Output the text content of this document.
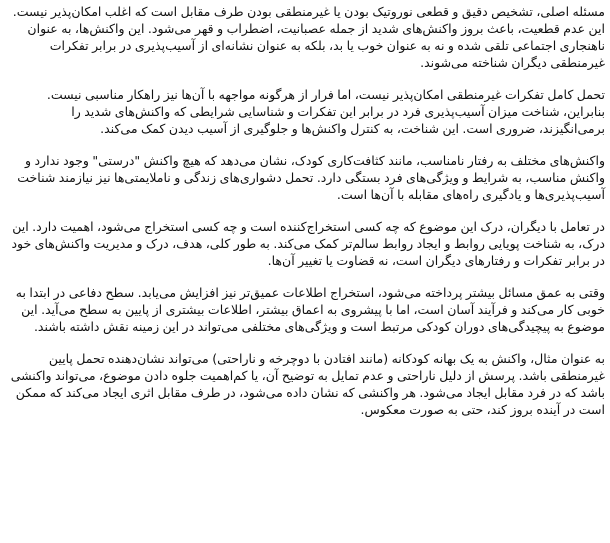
مسئله اصلی، تشخیص دقیق و قطعی نوروتیک بودن یا غیرمنطقی بودن طرف مقابل است که اغلب امکان‌پذیر نیست. این عدم قطعیت، باعث بروز واکنش‌های شدید از جمله عصبانیت، اضطراب و قهر می‌شود. این واکنش‌ها، به عنوان ناهنجاری اجتماعی تلقی شده و نه به عنوان خوب یا بد، بلکه به عنوان نشانه‌ای از آسیب‌پذیری در برابر تفکرات غیرمنطقی دیگران شناخته می‌شوند.

تحمل کامل تفکرات غیرمنطقی امکان‌پذیر نیست، اما فرار از هرگونه مواجهه با آن‌ها نیز راهکار مناسبی نیست. بنابراین، شناخت میزان آسیب‌پذیری فرد در برابر این تفکرات و شناسایی شرایطی که واکنش‌های شدید را برمی‌انگیزند، ضروری است. این شناخت، به کنترل واکنش‌ها و جلوگیری از آسیب دیدن کمک می‌کند.

واکنش‌های مختلف به رفتار نامناسب، مانند کثافت‌کاری کودک، نشان می‌دهد که هیچ واکنش "درستی" وجود ندارد و واکنش مناسب، به شرایط و ویژگی‌های فرد بستگی دارد. تحمل دشواری‌های زندگی و ناملایمتی‌ها نیز نیازمند شناخت آسیب‌پذیری‌ها و یادگیری راه‌های مقابله با آن‌ها است.

در تعامل با دیگران، درک این موضوع که چه کسی استخراج‌کننده است و چه کسی استخراج می‌شود، اهمیت دارد. این درک، به شناخت پویایی روابط و ایجاد روابط سالم‌تر کمک می‌کند. به طور کلی، هدف، درک و مدیریت واکنش‌های خود در برابر تفکرات و رفتارهای دیگران است، نه قضاوت یا تغییر آن‌ها.

وقتی به عمق مسائل بیشتر پرداخته می‌شود، استخراج اطلاعات عمیق‌تر نیز افزایش می‌یابد. سطح دفاعی در ابتدا به خوبی کار می‌کند و فرآیند آسان است، اما با پیشروی به اعماق بیشتر، اطلاعات بیشتری از پایین به سطح می‌آید. این موضوع به پیچیدگی‌های دوران کودکی مرتبط است و ویژگی‌های مختلفی می‌تواند در این زمینه نقش داشته باشند.

به عنوان مثال، واکنش به یک بهانه کودکانه (مانند افتادن با دوچرخه و ناراحتی) می‌تواند نشان‌دهنده تحمل پایین غیرمنطقی باشد. پرسش از دلیل ناراحتی و عدم تمایل به توضیح آن، یا کم‌اهمیت جلوه دادن موضوع، می‌تواند واکنشی باشد که در فرد مقابل ایجاد می‌شود. هر واکنشی که نشان داده می‌شود، در طرف مقابل اثری ایجاد می‌کند که ممکن است در آینده بروز کند، حتی به صورت معکوس.
